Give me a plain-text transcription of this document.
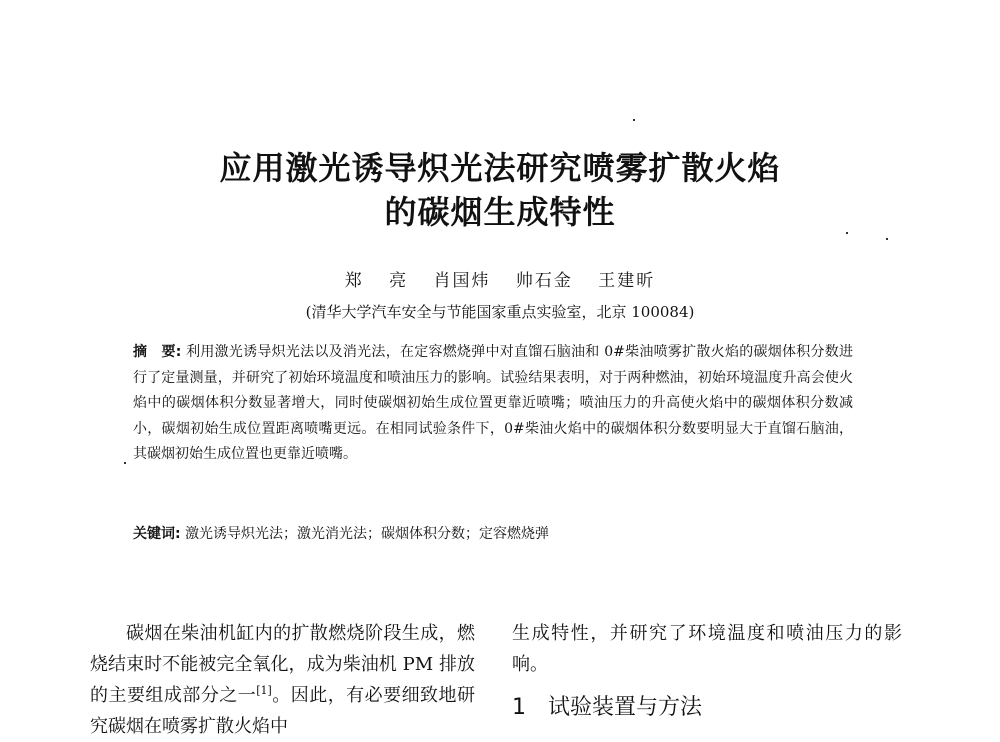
应用激光诱导炽光法研究喷雾扩散火焰
的碳烟生成特性
郑 亮 肖国炜 帅石金 王建昕
(清华大学汽车安全与节能国家重点实验室，北京 100084)
摘　要: 利用激光诱导炽光法以及消光法，在定容燃烧弹中对直馏石脑油和 0#柴油喷雾扩散火焰的碳烟体积分数进行了定量测量，并研究了初始环境温度和喷油压力的影响。试验结果表明，对于两种燃油，初始环境温度升高会使火焰中的碳烟体积分数显著增大，同时使碳烟初始生成位置更靠近喷嘴；喷油压力的升高使火焰中的碳烟体积分数减小，碳烟初始生成位置距离喷嘴更远。在相同试验条件下，0#柴油火焰中的碳烟体积分数要明显大于直馏石脑油，其碳烟初始生成位置也更靠近喷嘴。
关键词: 激光诱导炽光法；激光消光法；碳烟体积分数；定容燃烧弹
碳烟在柴油机缸内的扩散燃烧阶段生成，燃烧结束时不能被完全氧化，成为柴油机 PM 排放的主要组成部分之一[1]。因此，有必要细致地研究碳烟在喷雾扩散火焰中
生成特性，并研究了环境温度和喷油压力的影响。
1　试验装置与方法
